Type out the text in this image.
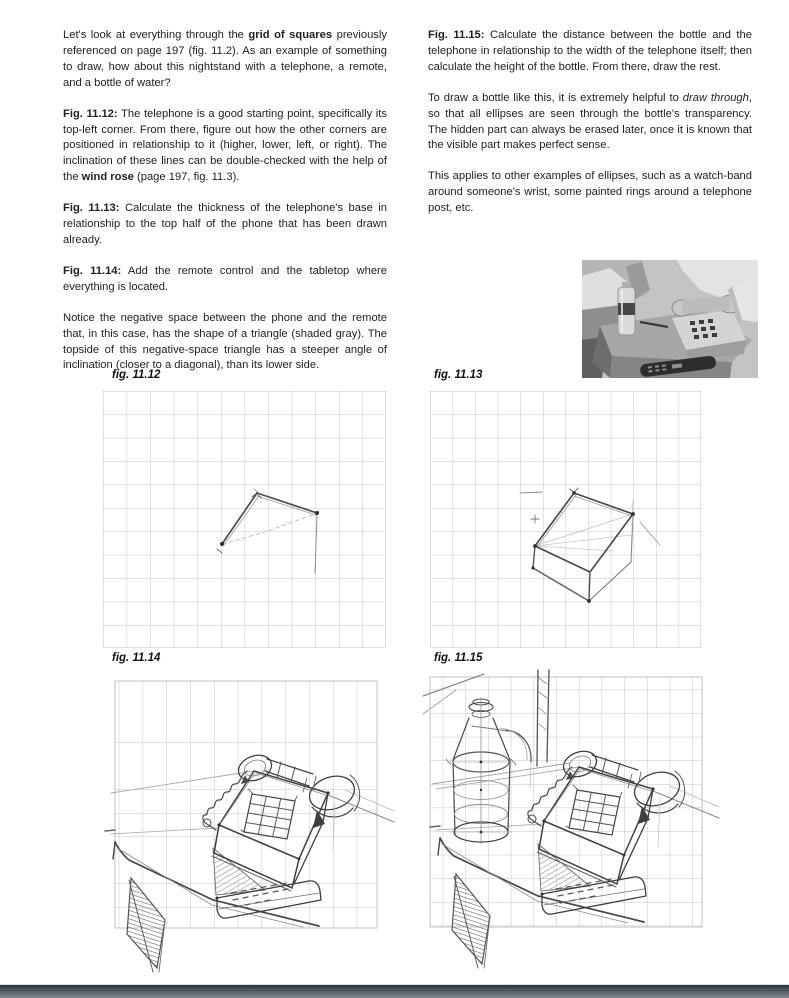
Let's look at everything through the grid of squares previously referenced on page 197 (fig. 11.2). As an example of something to draw, how about this nightstand with a telephone, a remote, and a bottle of water?

Fig. 11.12: The telephone is a good starting point, specifically its top-left corner. From there, figure out how the other corners are positioned in relationship to it (higher, lower, left, or right). The inclination of these lines can be double-checked with the help of the wind rose (page 197, fig. 11.3).

Fig. 11.13: Calculate the thickness of the telephone's base in relationship to the top half of the phone that has been drawn already.

Fig. 11.14: Add the remote control and the tabletop where everything is located.

Notice the negative space between the phone and the remote that, in this case, has the shape of a triangle (shaded gray). The topside of this negative-space triangle has a steeper angle of inclination (closer to a diagonal), than its lower side.

Fig. 11.15: Calculate the distance between the bottle and the telephone in relationship to the width of the telephone itself; then calculate the height of the bottle. From there, draw the rest.

To draw a bottle like this, it is extremely helpful to draw through, so that all ellipses are seen through the bottle's transparency. The hidden part can always be erased later, once it is known that the visible part makes perfect sense.

This applies to other examples of ellipses, such as a watch-band around someone's wrist, some painted rings around a telephone post, etc.

fig. 11.12	fig. 11.13
fig. 11.14	fig. 11.15
